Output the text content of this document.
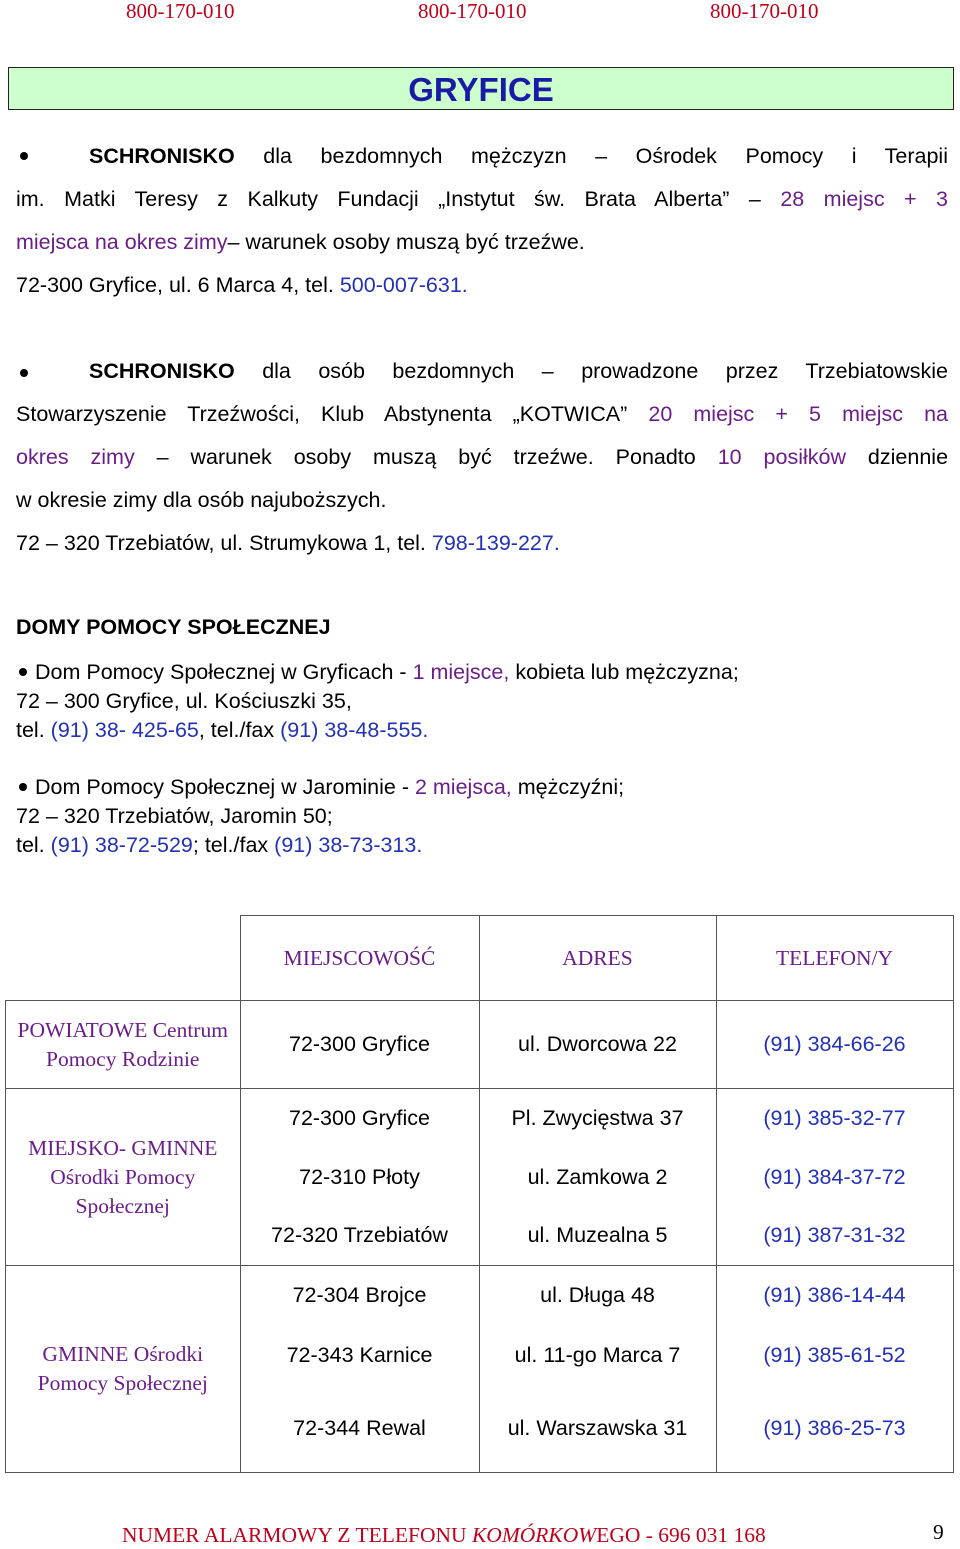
800-170-010	800-170-010	800-170-010
GRYFICE
SCHRONISKO dla bezdomnych mężczyzn – Ośrodek Pomocy i Terapii
im. Matki Teresy z Kalkuty Fundacji „Instytut św. Brata Alberta” – 28 miejsc + 3
miejsca na okres zimy– warunek osoby muszą być trzeźwe.
72-300 Gryfice, ul. 6 Marca 4, tel. 500-007-631.
SCHRONISKO dla osób bezdomnych – prowadzone przez Trzebiatowskie
Stowarzyszenie Trzeźwości, Klub Abstynenta „KOTWICA” 20 miejsc + 5 miejsc na
okres zimy – warunek osoby muszą być trzeźwe. Ponadto 10 posiłków dziennie
w okresie zimy dla osób najuboższych.
72 – 320 Trzebiatów, ul. Strumykowa 1, tel. 798-139-227.
DOMY POMOCY SPOŁECZNEJ
Dom Pomocy Społecznej w Gryficach - 1 miejsce, kobieta lub mężczyzna;
72 – 300 Gryfice, ul. Kościuszki 35,
tel. (91) 38- 425-65, tel./fax (91) 38-48-555.
Dom Pomocy Społecznej w Jarominie - 2 miejsca, mężczyźni;
72 – 320 Trzebiatów, Jaromin 50;
tel. (91) 38-72-529; tel./fax (91) 38-73-313.
	MIEJSCOWOŚĆ	ADRES	TELEFON/Y
POWIATOWE Centrum Pomocy Rodzinie	72-300 Gryfice	ul. Dworcowa 22	(91) 384-66-26
MIEJSKO- GMINNE Ośrodki Pomocy Społecznej	72-300 Gryfice	Pl. Zwycięstwa 37	(91) 385-32-77
	72-310 Płoty	ul. Zamkowa 2	(91) 384-37-72
	72-320 Trzebiatów	ul. Muzealna 5	(91) 387-31-32
GMINNE Ośrodki Pomocy Społecznej	72-304 Brojce	ul. Długa 48	(91) 386-14-44
	72-343 Karnice	ul. 11-go Marca 7	(91) 385-61-52
	72-344 Rewal	ul. Warszawska 31	(91) 386-25-73
NUMER ALARMOWY Z TELEFONU KOMÓRKOWEGO - 696 031 168	9
